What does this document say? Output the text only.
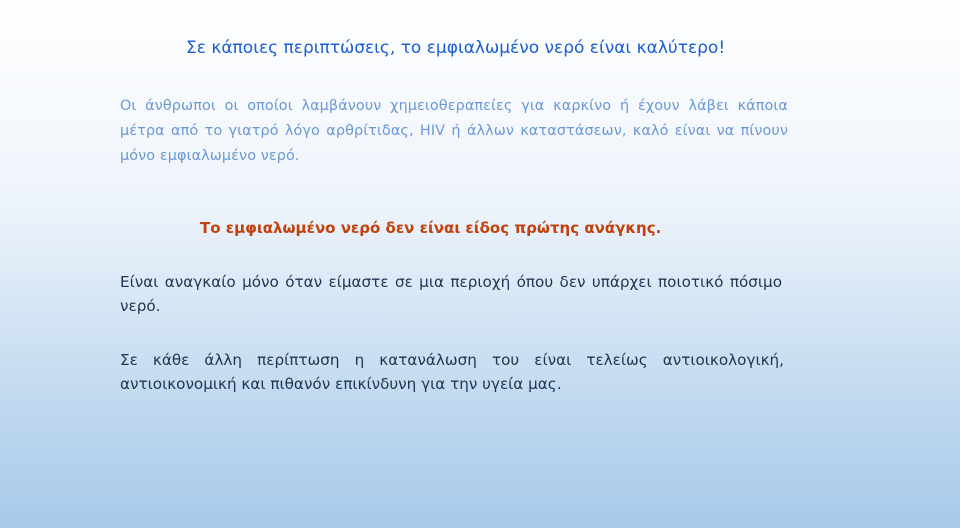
Σε κάποιες περιπτώσεις, το εμφιαλωμένο νερό είναι καλύτερο!

Οι άνθρωποι οι οποίοι λαμβάνουν χημειοθεραπείες για καρκίνο ή έχουν λάβει κάποια μέτρα από το γιατρό λόγο αρθρίτιδας, HIV ή άλλων καταστάσεων, καλό είναι να πίνουν μόνο εμφιαλωμένο νερό.

Το εμφιαλωμένο νερό δεν είναι είδος πρώτης ανάγκης.

Είναι αναγκαίο μόνο όταν είμαστε σε μια περιοχή όπου δεν υπάρχει ποιοτικό πόσιμο νερό.

Σε κάθε άλλη περίπτωση η κατανάλωση του είναι τελείως αντιοικολογική, αντιοικονομική και πιθανόν επικίνδυνη για την υγεία μας.
